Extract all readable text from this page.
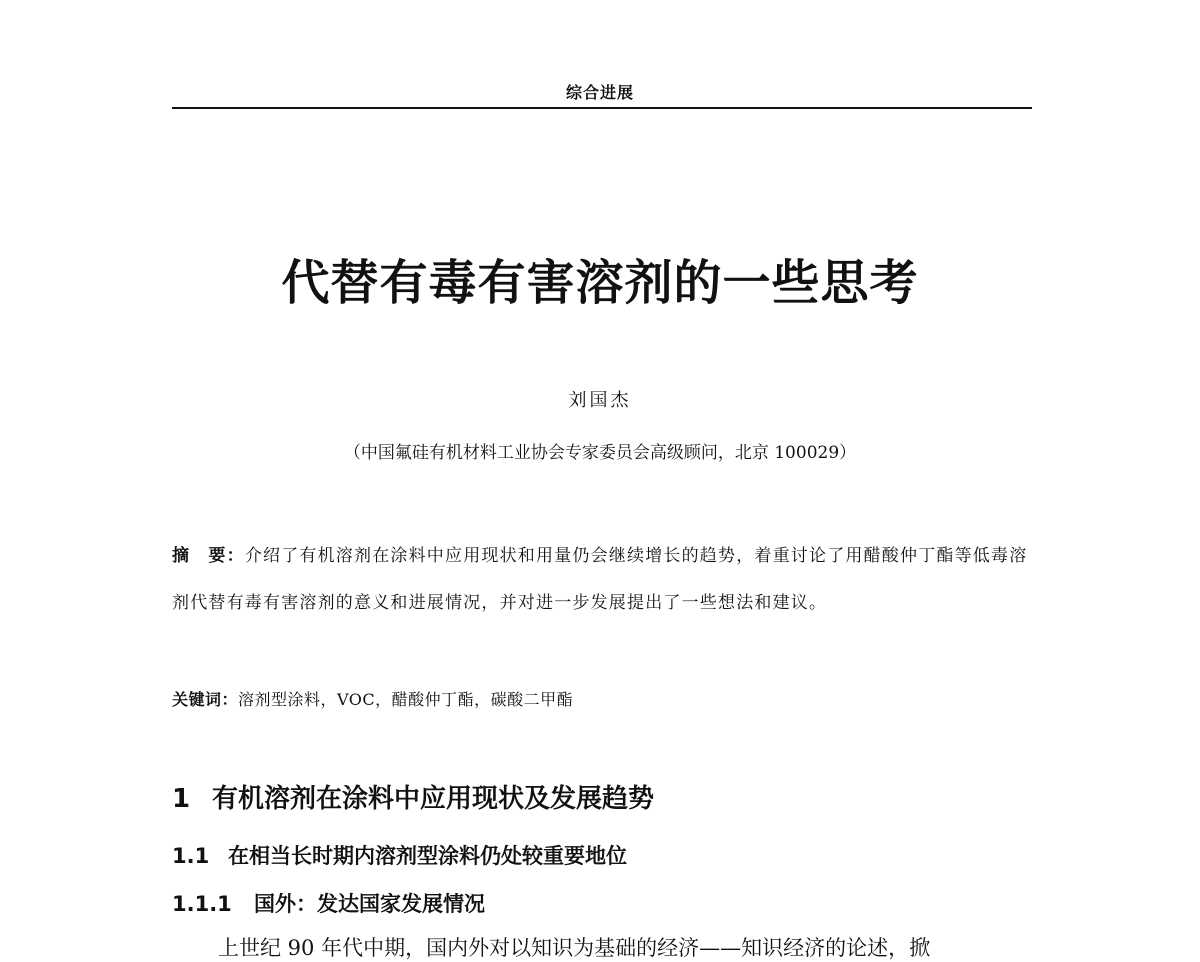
综合进展
代替有毒有害溶剂的一些思考
刘国杰
（中国氟硅有机材料工业协会专家委员会高级顾问，北京 100029）
摘　要：介绍了有机溶剂在涂料中应用现状和用量仍会继续增长的趋势，着重讨论了用醋酸仲丁酯等低毒溶剂代替有毒有害溶剂的意义和进展情况，并对进一步发展提出了一些想法和建议。
关键词：溶剂型涂料，VOC，醋酸仲丁酯，碳酸二甲酯
1 有机溶剂在涂料中应用现状及发展趋势
1.1 在相当长时期内溶剂型涂料仍处较重要地位
1.1.1 国外：发达国家发展情况
上世纪 90 年代中期，国内外对以知识为基础的经济——知识经济的论述，掀
